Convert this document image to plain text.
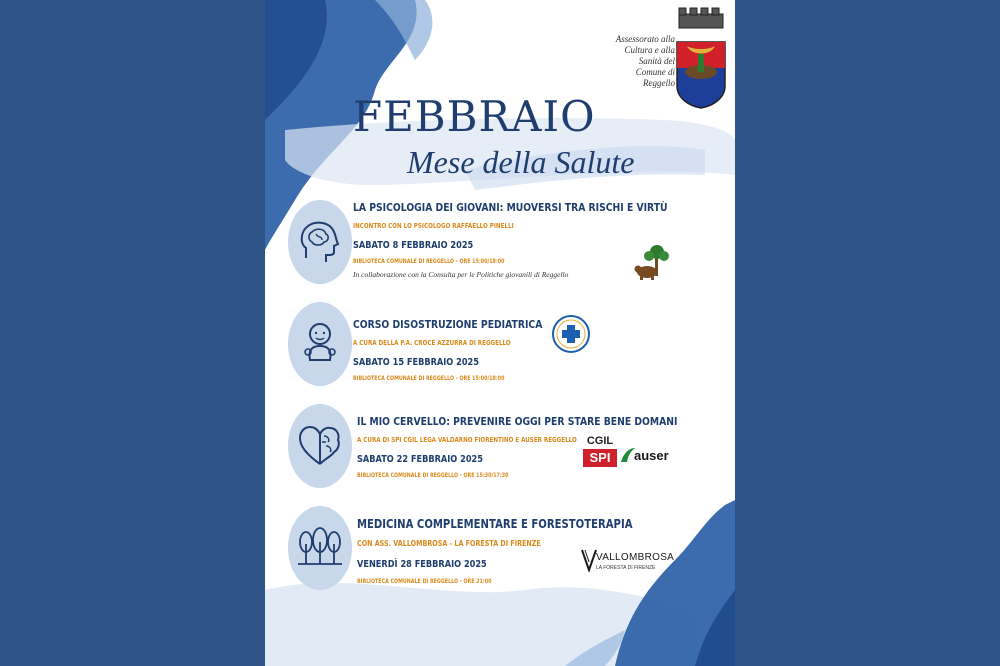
Assessorato alla
Cultura e alla
Sanità del
Comune di
Reggello
FEBBRAIO
Mese della Salute
LA PSICOLOGIA DEI GIOVANI: MUOVERSI TRA RISCHI E VIRTÙ
INCONTRO CON LO PSICOLOGO RAFFAELLO PINELLI
SABATO 8 FEBBRAIO 2025
BIBLIOTECA COMUNALE DI REGGELLO - ORE 15:00/18:00
In collaborazione con la Consulta per le Politiche giovanili di Reggello
CORSO DISOSTRUZIONE PEDIATRICA
A CURA DELLA P.A. CROCE AZZURRA DI REGGELLO
SABATO 15 FEBBRAIO 2025
BIBLIOTECA COMUNALE DI REGGELLO - ORE 15:00/18:00
IL MIO CERVELLO: PREVENIRE OGGI PER STARE BENE DOMANI
A CURA DI SPI CGIL LEGA VALDARNO FIORENTINO E AUSER REGGELLO
SABATO 22 FEBBRAIO 2025
BIBLIOTECA COMUNALE DI REGGELLO - ORE 15:30/17:30
CGIL
SPI	auser
MEDICINA COMPLEMENTARE E FORESTOTERAPIA
CON ASS. VALLOMBROSA - LA FORESTA DI FIRENZE
VENERDÌ 28 FEBBRAIO 2025
BIBLIOTECA COMUNALE DI REGGELLO - ORE 21:00
VALLOMBROSA
LA FORESTA DI FIRENZE
